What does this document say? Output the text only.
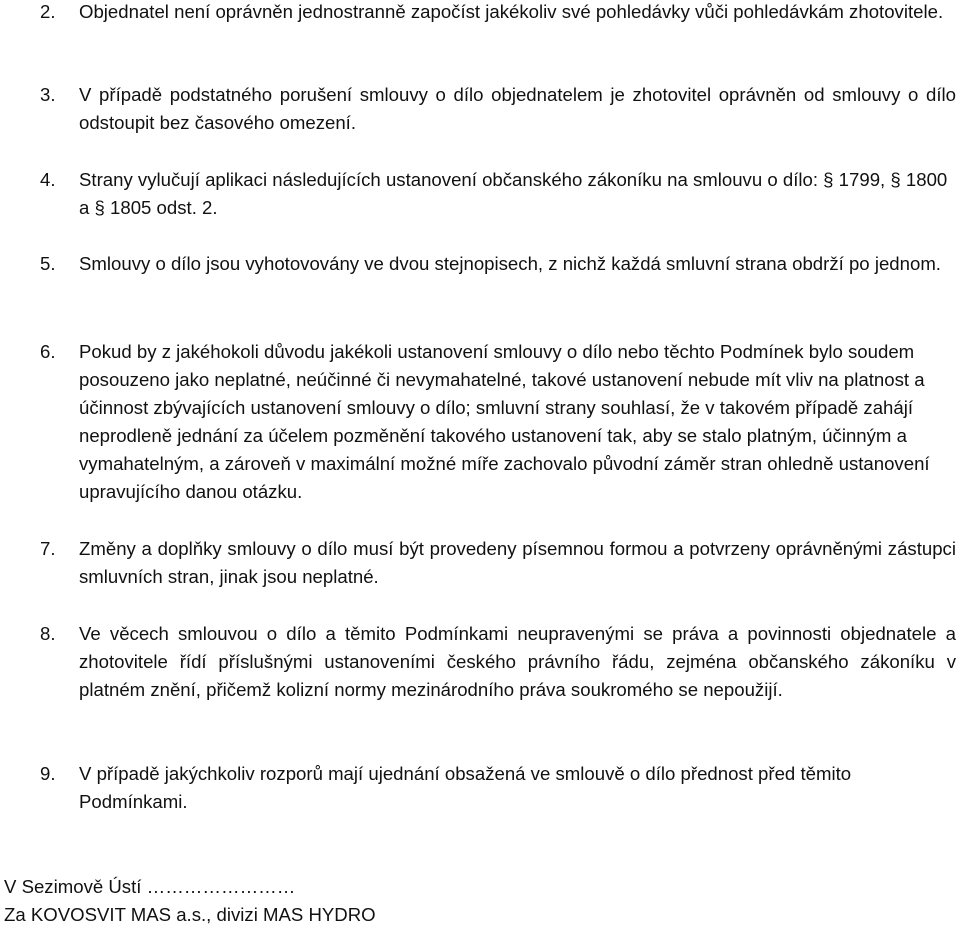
2. Objednatel není oprávněn jednostranně započíst jakékoliv své pohledávky vůči pohledávkám zhotovitele.
3. V případě podstatného porušení smlouvy o dílo objednatelem je zhotovitel oprávněn od smlouvy o dílo odstoupit bez časového omezení.
4. Strany vylučují aplikaci následujících ustanovení občanského zákoníku na smlouvu o dílo: § 1799, § 1800 a § 1805 odst. 2.
5. Smlouvy o dílo jsou vyhotovovány ve dvou stejnopisech, z nichž každá smluvní strana obdrží po jednom.
6. Pokud by z jakéhokoli důvodu jakékoli ustanovení smlouvy o dílo nebo těchto Podmínek bylo soudem posouzeno jako neplatné, neúčinné či nevymahatelné, takové ustanovení nebude mít vliv na platnost a účinnost zbývajících ustanovení smlouvy o dílo; smluvní strany souhlasí, že v takovém případě zahájí neprodleně jednání za účelem pozměnění takového ustanovení tak, aby se stalo platným, účinným a vymahatelným, a zároveň v maximální možné míře zachovalo původní záměr stran ohledně ustanovení upravujícího danou otázku.
7. Změny a doplňky smlouvy o dílo musí být provedeny písemnou formou a potvrzeny oprávněnými zástupci smluvních stran, jinak jsou neplatné.
8. Ve věcech smlouvou o dílo a těmito Podmínkami neupravenými se práva a povinnosti objednatele a zhotovitele řídí příslušnými ustanoveními českého právního řádu, zejména občanského zákoníku v platném znění, přičemž kolizní normy mezinárodního práva soukromého se nepoužijí.
9. V případě jakýchkoliv rozporů mají ujednání obsažená ve smlouvě o dílo přednost před těmito Podmínkami.
V Sezimově Ústí ……………………
Za KOVOSVIT MAS a.s., divizi MAS HYDRO
